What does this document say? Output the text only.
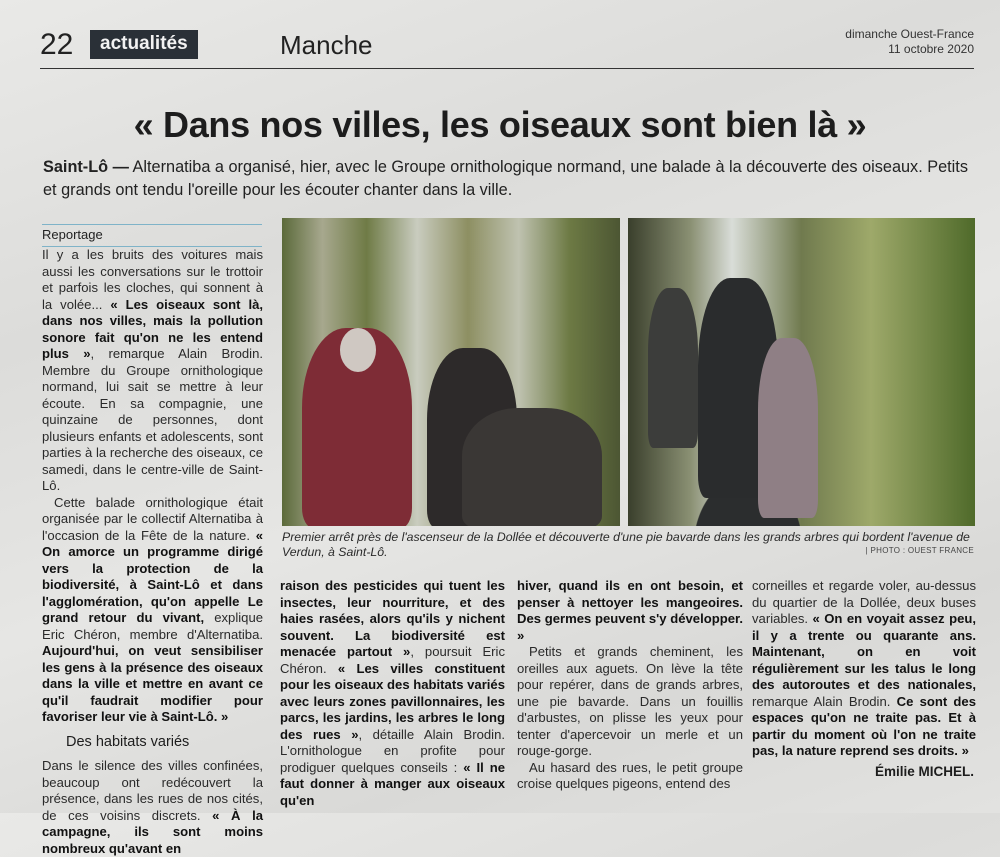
22	actualités	Manche	dimanche Ouest-France
11 octobre 2020
« Dans nos villes, les oiseaux sont bien là »
Saint-Lô — Alternatiba a organisé, hier, avec le Groupe ornithologique normand, une balade à la découverte des oiseaux. Petits et grands ont tendu l'oreille pour les écouter chanter dans la ville.
Reportage

Il y a les bruits des voitures mais aussi les conversations sur le trottoir et parfois les cloches, qui sonnent à la volée... « Les oiseaux sont là, dans nos villes, mais la pollution sonore fait qu'on ne les entend plus », remarque Alain Brodin. Membre du Groupe ornithologique normand, lui sait se mettre à leur écoute. En sa compagnie, une quinzaine de personnes, dont plusieurs enfants et adolescents, sont parties à la recherche des oiseaux, ce samedi, dans le centre-ville de Saint-Lô.

Cette balade ornithologique était organisée par le collectif Alternatiba à l'occasion de la Fête de la nature. « On amorce un programme dirigé vers la protection de la biodiversité, à Saint-Lô et dans l'agglomération, qu'on appelle Le grand retour du vivant, explique Eric Chéron, membre d'Alternatiba. Aujourd'hui, on veut sensibiliser les gens à la présence des oiseaux dans la ville et mettre en avant ce qu'il faudrait modifier pour favoriser leur vie à Saint-Lô. »

Des habitats variés

Dans le silence des villes confinées, beaucoup ont redécouvert la présence, dans les rues de nos cités, de ces voisins discrets. « À la campagne, ils sont moins nombreux qu'avant en

Premier arrêt près de l'ascenseur de la Dollée et découverte d'une pie bavarde dans les grands arbres qui bordent l'avenue de Verdun, à Saint-Lô.	| PHOTO : OUEST FRANCE

raison des pesticides qui tuent les insectes, leur nourriture, et des haies rasées, alors qu'ils y nichent souvent. La biodiversité est menacée partout », poursuit Eric Chéron. « Les villes constituent pour les oiseaux des habitats variés avec leurs zones pavillonnaires, les parcs, les jardins, les arbres le long des rues », détaille Alain Brodin. L'ornithologue en profite pour prodiguer quelques conseils : « Il ne faut donner à manger aux oiseaux qu'en

hiver, quand ils en ont besoin, et penser à nettoyer les mangeoires. Des germes peuvent s'y développer. »

Petits et grands cheminent, les oreilles aux aguets. On lève la tête pour repérer, dans de grands arbres, une pie bavarde. Dans un fouillis d'arbustes, on plisse les yeux pour tenter d'apercevoir un merle et un rouge-gorge.

Au hasard des rues, le petit groupe croise quelques pigeons, entend des

corneilles et regarde voler, au-dessus du quartier de la Dollée, deux buses variables. « On en voyait assez peu, il y a trente ou quarante ans. Maintenant, on en voit régulièrement sur les talus le long des autoroutes et des nationales, remarque Alain Brodin. Ce sont des espaces qu'on ne traite pas. Et à partir du moment où l'on ne traite pas, la nature reprend ses droits. »

Émilie MICHEL.
